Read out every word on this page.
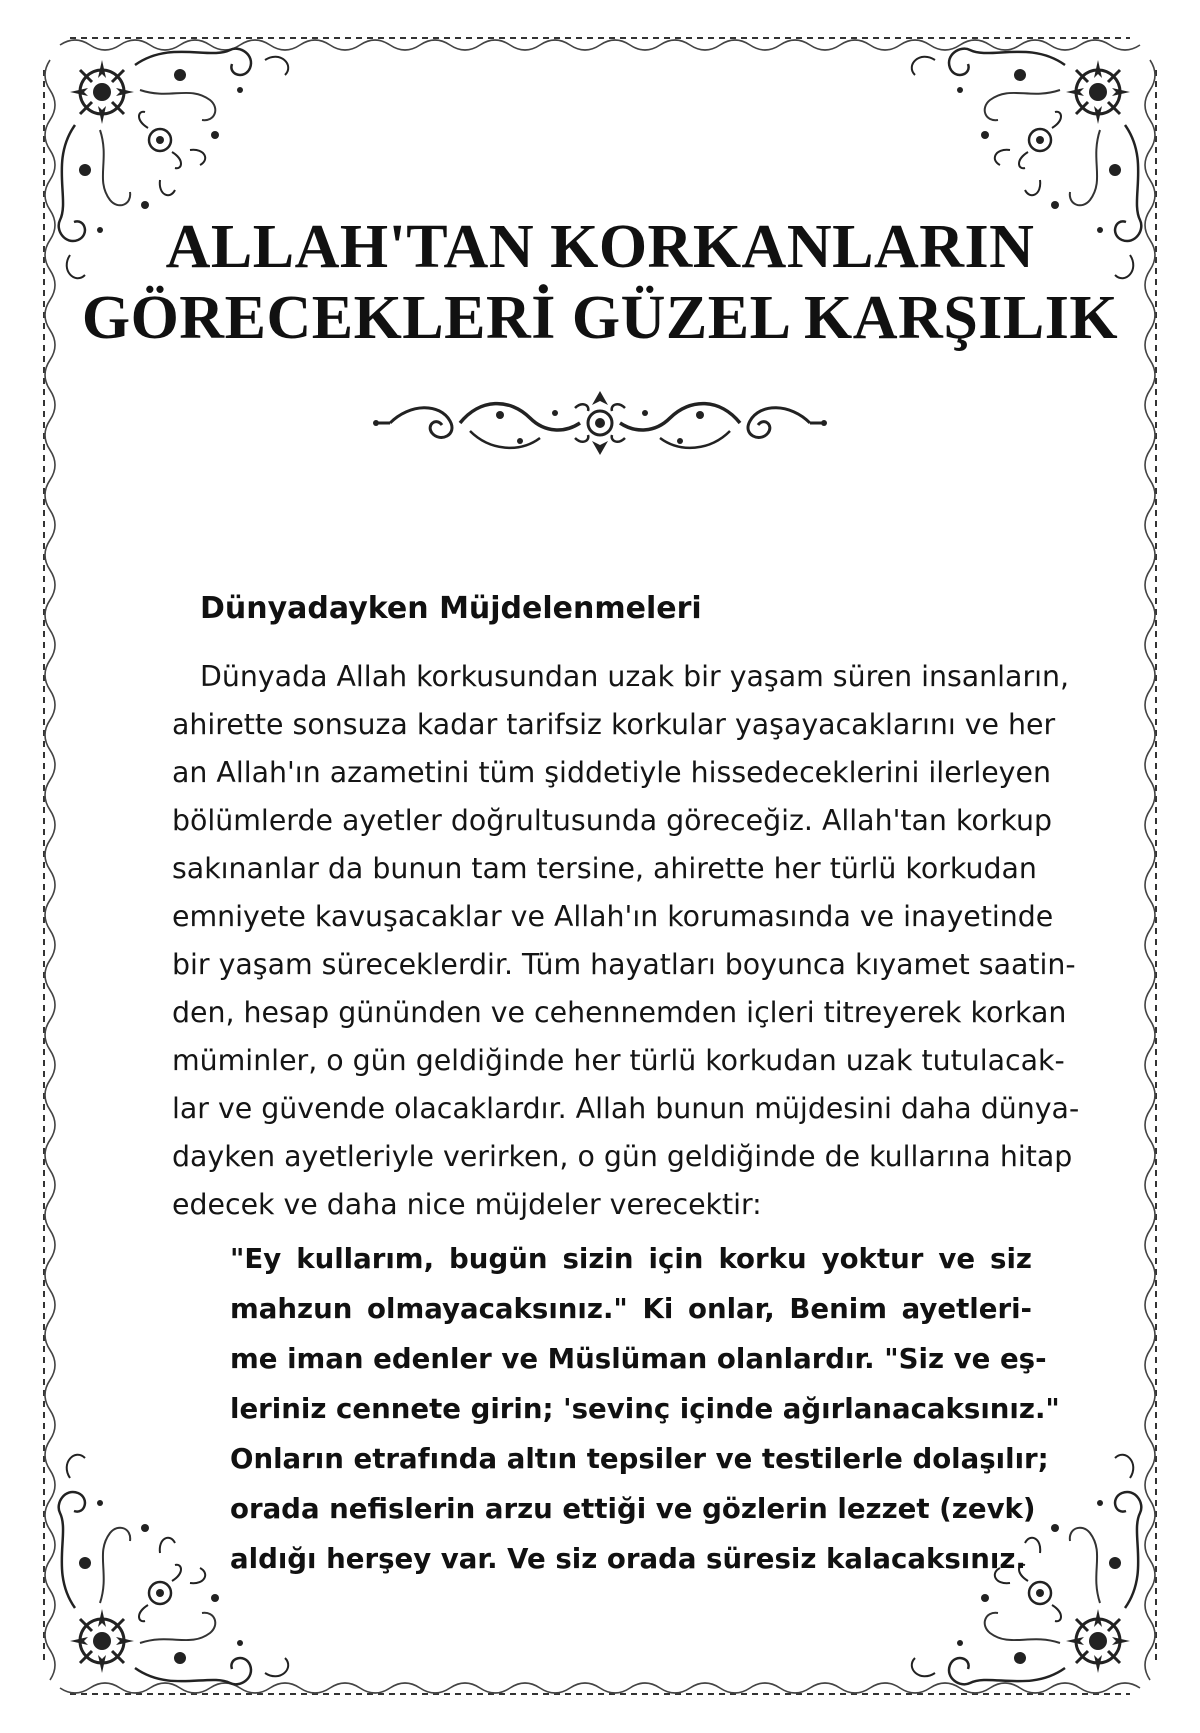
ALLAH'TAN KORKANLARIN
GÖRECEKLERİ GÜZEL KARŞILIK
Dünyadayken Müjdelenmeleri
Dünyada Allah korkusundan uzak bir yaşam süren insanların,
ahirette sonsuza kadar tarifsiz korkular yaşayacaklarını ve her
an Allah'ın azametini tüm şiddetiyle hissedeceklerini ilerleyen
bölümlerde ayetler doğrultusunda göreceğiz. Allah'tan korkup
sakınanlar da bunun tam tersine, ahirette her türlü korkudan
emniyete kavuşacaklar ve Allah'ın korumasında ve inayetinde
bir yaşam süreceklerdir. Tüm hayatları boyunca kıyamet saatin-
den, hesap gününden ve cehennemden içleri titreyerek korkan
müminler, o gün geldiğinde her türlü korkudan uzak tutulacak-
lar ve güvende olacaklardır. Allah bunun müjdesini daha dünya-
dayken ayetleriyle verirken, o gün geldiğinde de kullarına hitap
edecek ve daha nice müjdeler verecektir:
"Ey kullarım, bugün sizin için korku yoktur ve siz
mahzun olmayacaksınız." Ki onlar, Benim ayetleri-
me iman edenler ve Müslüman olanlardır. "Siz ve eş-
leriniz cennete girin; 'sevinç içinde ağırlanacaksınız."
Onların etrafında altın tepsiler ve testilerle dolaşılır;
orada nefislerin arzu ettiği ve gözlerin lezzet (zevk)
aldığı herşey var. Ve siz orada süresiz kalacaksınız.
